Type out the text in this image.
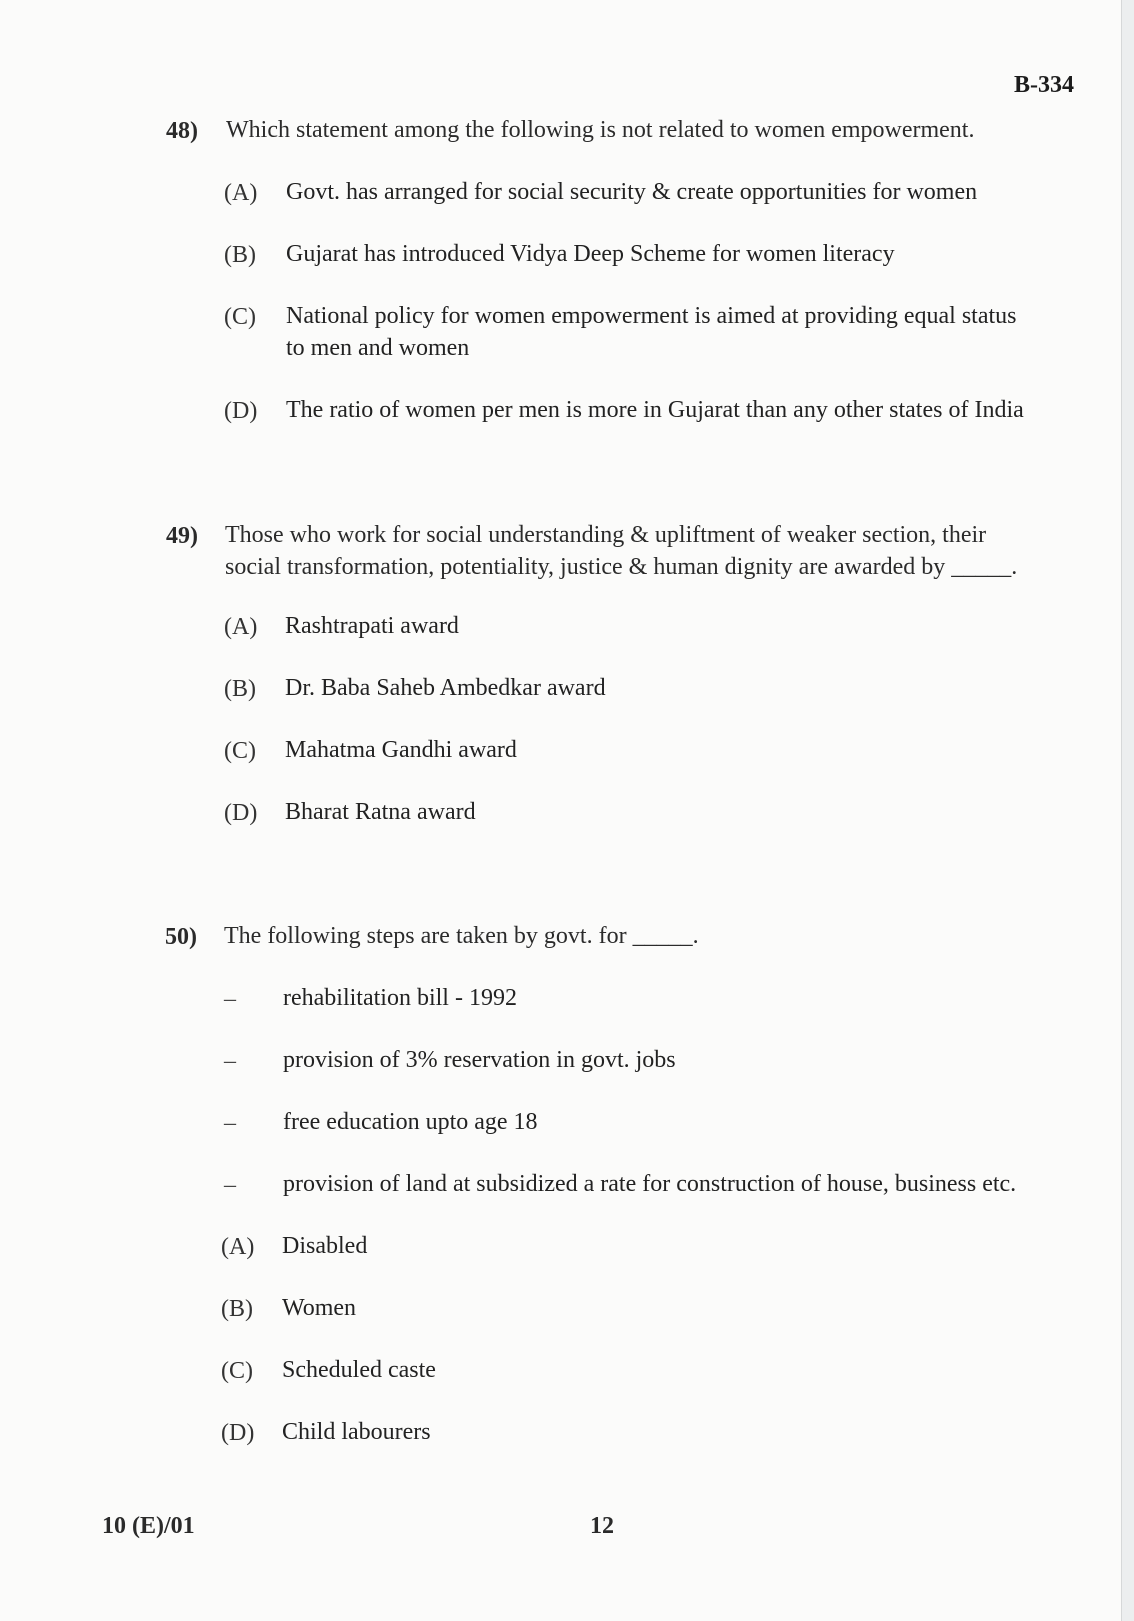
B-334
48) Which statement among the following is not related to women empowerment.
(A) Govt. has arranged for social security & create opportunities for women
(B) Gujarat has introduced Vidya Deep Scheme for women literacy
(C) National policy for women empowerment is aimed at providing equal status
to men and women
(D) The ratio of women per men is more in Gujarat than any other states of India
49) Those who work for social understanding & upliftment of weaker section, their
social transformation, potentiality, justice & human dignity are awarded by _____.
(A) Rashtrapati award
(B) Dr. Baba Saheb Ambedkar award
(C) Mahatma Gandhi award
(D) Bharat Ratna award
50) The following steps are taken by govt. for _____.
– rehabilitation bill - 1992
– provision of 3% reservation in govt. jobs
– free education upto age 18
– provision of land at subsidized a rate for construction of house, business etc.
(A) Disabled
(B) Women
(C) Scheduled caste
(D) Child labourers
10 (E)/01	12
